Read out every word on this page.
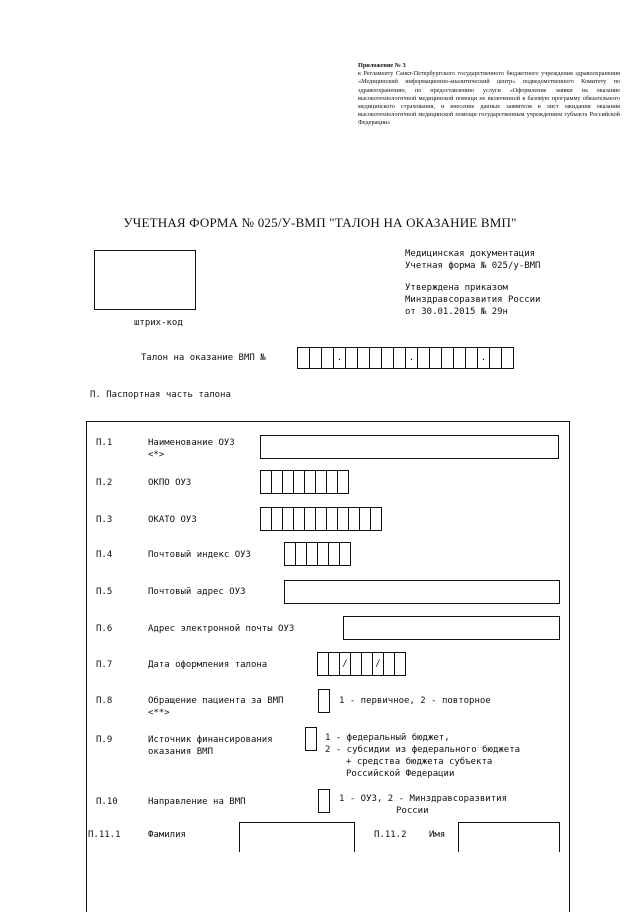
Приложение № 3

к Регламенту Санкт-Петербургского государственного бюджетного учреждения здравоохранения «Медицинский информационно-аналитический центр» подведомственного Комитету по здравоохранению, по предоставлению услуги «Оформление заявки на оказание высокотехнологичной медицинской помощи не включенной в базовую программу обязательного медицинского страхования, и внесение данных заявителя в лист ожидания оказания высокотехнологичной медицинской помощи государственным учреждением субъекта Российской Федерации»

УЧЕТНАЯ ФОРМА № 025/У-ВМП "ТАЛОН НА ОКАЗАНИЕ ВМП"
штрих-код
Медицинская документация
Учетная форма № 025/у-ВМП
Утверждена приказом
Минздравсоразвития России
от 30.01.2015 № 29н
Талон на оказание ВМП №	.	.	.
П. Паспортная часть талона
П.1	Наименование ОУЗ
<*>
П.2	ОКПО ОУЗ
П.3	ОКАТО ОУЗ
П.4	Почтовый индекс ОУЗ
П.5	Почтовый адрес ОУЗ
П.6	Адрес электронной почты ОУЗ
П.7	Дата оформления талона	/	/
П.8	Обращение пациента за ВМП
<**>
1 - первичное, 2 - повторное
П.9	Источник финансирования
оказания ВМП
1 - федеральный бюджет,
2 - субсидии из федерального бюджета
+ средства бюджета субъекта
Российской Федерации
П.10	Направление на ВМП	1 - ОУЗ, 2 - Минздравсоразвития
России
П.11.1	Фамилия	П.11.2 Имя
